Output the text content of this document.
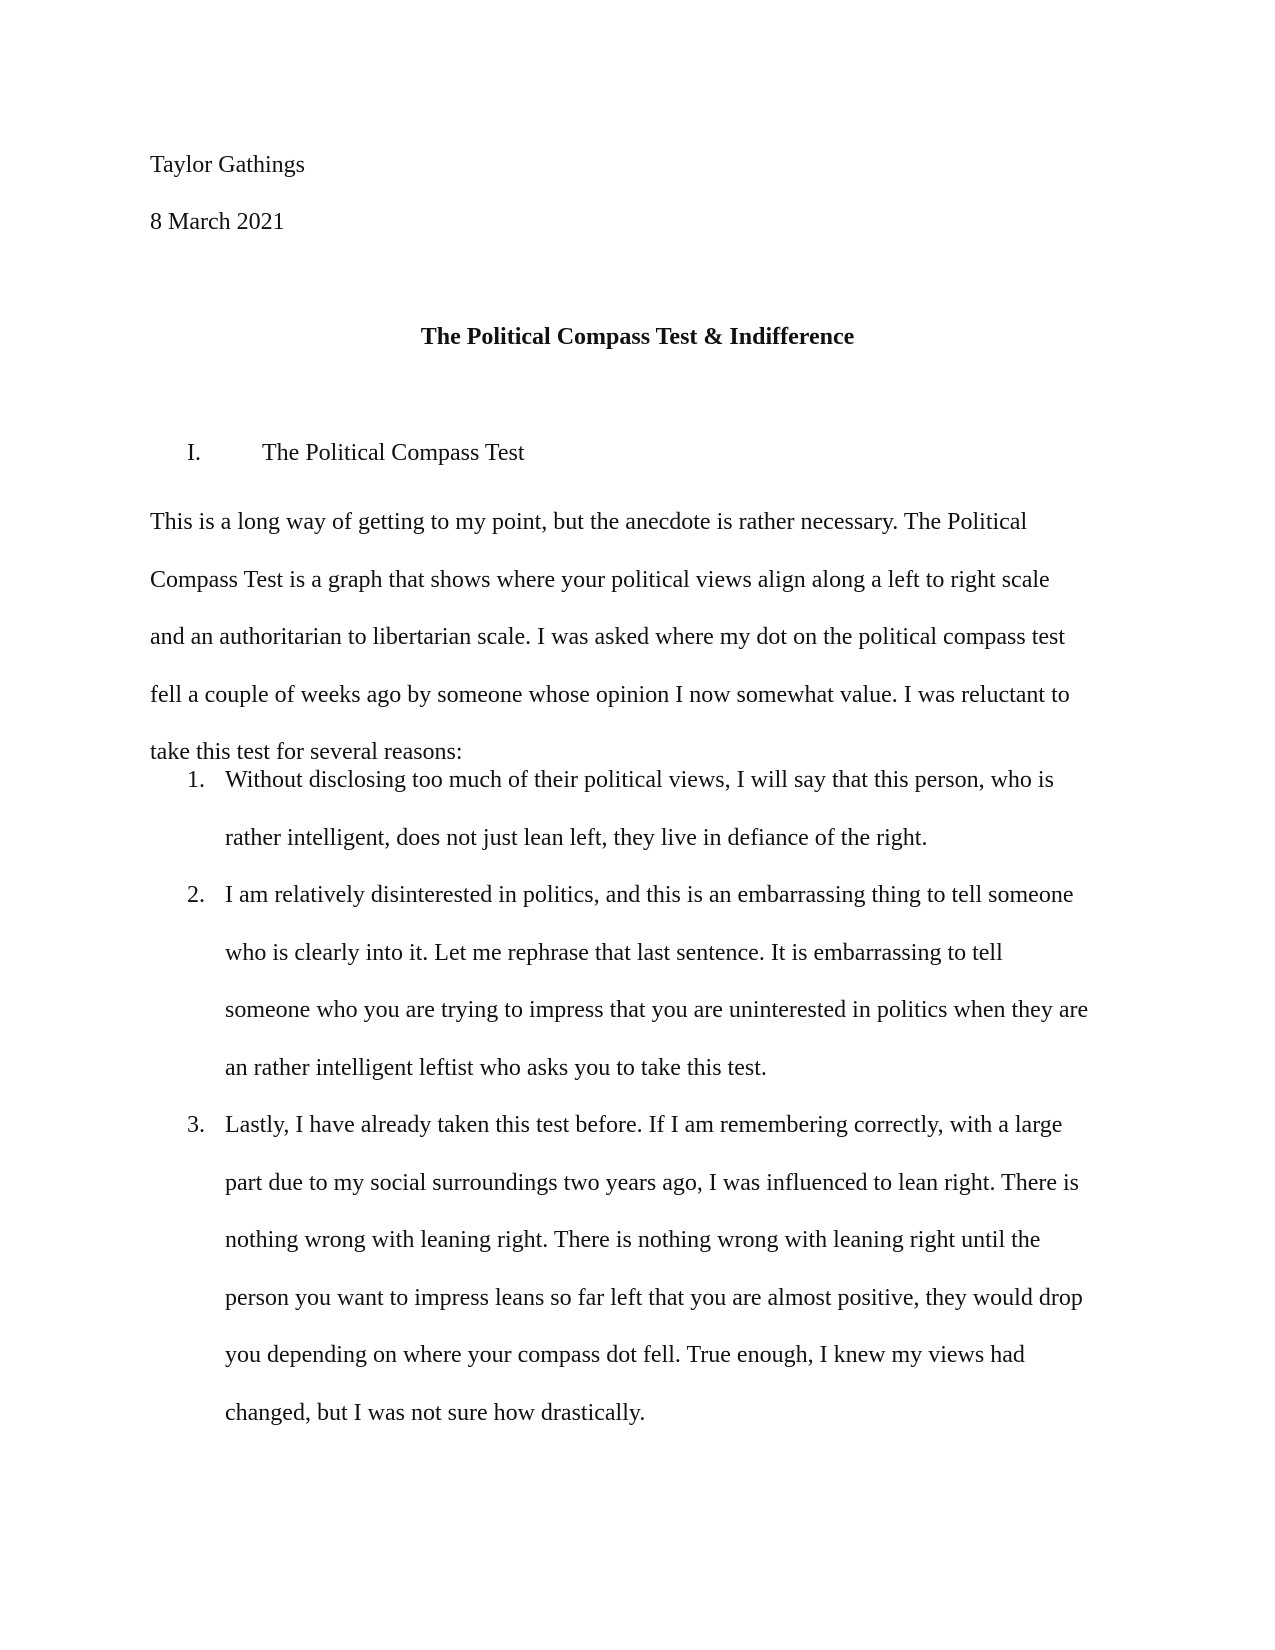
Taylor Gathings
8 March 2021
The Political Compass Test & Indifference
I.	The Political Compass Test
This is a long way of getting to my point, but the anecdote is rather necessary. The Political
Compass Test is a graph that shows where your political views align along a left to right scale
and an authoritarian to libertarian scale. I was asked where my dot on the political compass test
fell a couple of weeks ago by someone whose opinion I now somewhat value. I was reluctant to
take this test for several reasons:
1. Without disclosing too much of their political views, I will say that this person, who is
rather intelligent, does not just lean left, they live in defiance of the right.
2. I am relatively disinterested in politics, and this is an embarrassing thing to tell someone
who is clearly into it. Let me rephrase that last sentence. It is embarrassing to tell
someone who you are trying to impress that you are uninterested in politics when they are
an rather intelligent leftist who asks you to take this test.
3. Lastly, I have already taken this test before. If I am remembering correctly, with a large
part due to my social surroundings two years ago, I was influenced to lean right. There is
nothing wrong with leaning right. There is nothing wrong with leaning right until the
person you want to impress leans so far left that you are almost positive, they would drop
you depending on where your compass dot fell. True enough, I knew my views had
changed, but I was not sure how drastically.
